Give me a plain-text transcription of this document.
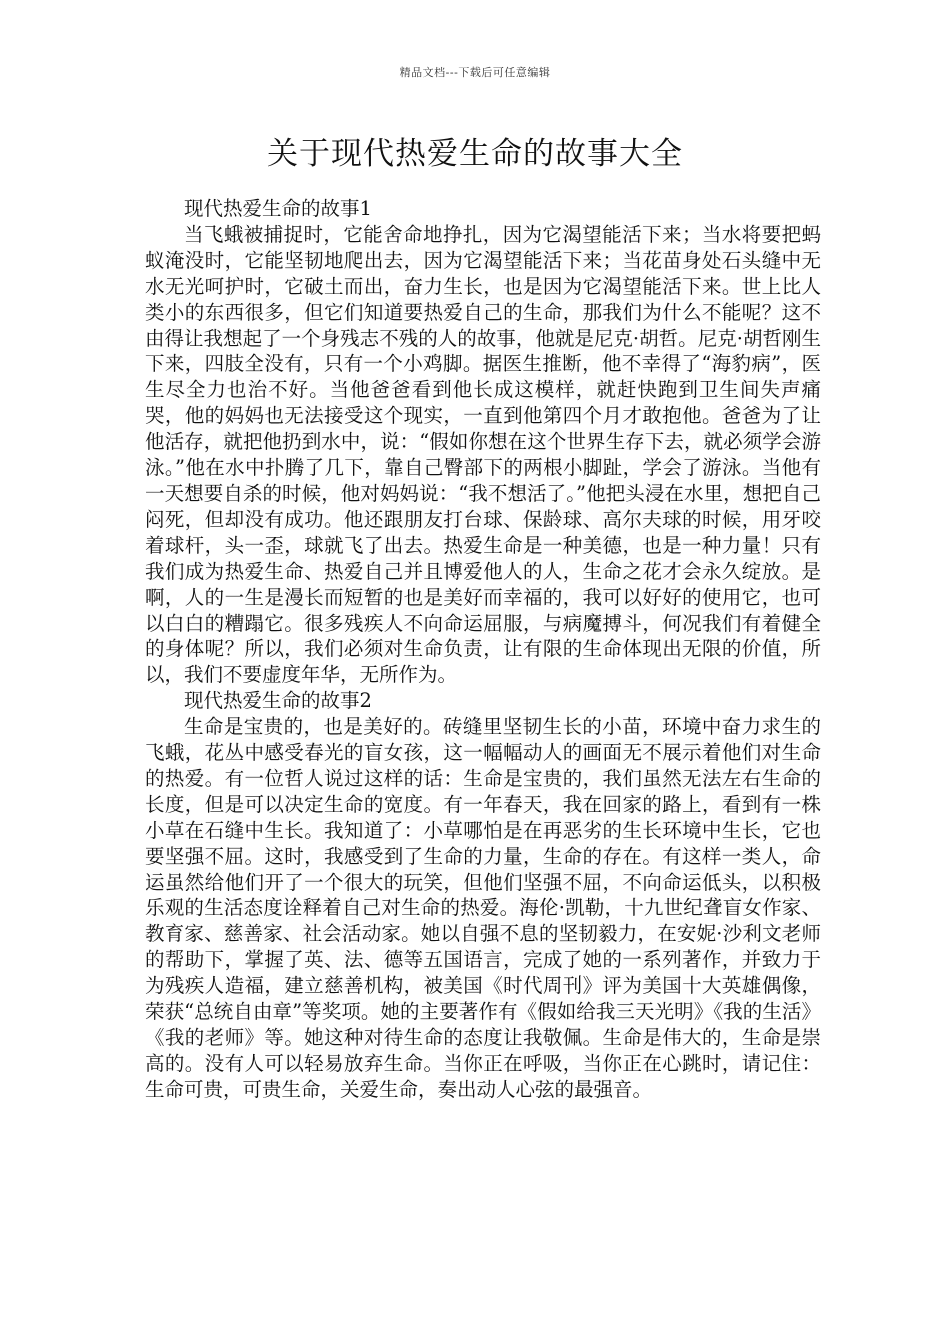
精品文档---下载后可任意编辑
关于现代热爱生命的故事大全

现代热爱生命的故事1

当飞蛾被捕捉时，它能舍命地挣扎，因为它渴望能活下来；当水将要把蚂蚁淹没时，它能坚韧地爬出去，因为它渴望能活下来；当花苗身处石头缝中无水无光呵护时，它破土而出，奋力生长，也是因为它渴望能活下来。世上比人类小的东西很多，但它们知道要热爱自己的生命，那我们为什么不能呢？这不由得让我想起了一个身残志不残的人的故事，他就是尼克·胡哲。尼克·胡哲刚生下来，四肢全没有，只有一个小鸡脚。据医生推断，他不幸得了“海豹病”，医生尽全力也治不好。当他爸爸看到他长成这模样，就赶快跑到卫生间失声痛哭，他的妈妈也无法接受这个现实，一直到他第四个月才敢抱他。爸爸为了让他活存，就把他扔到水中，说：“假如你想在这个世界生存下去，就必须学会游泳。”他在水中扑腾了几下，靠自己臀部下的两根小脚趾，学会了游泳。当他有一天想要自杀的时候，他对妈妈说：“我不想活了。”他把头浸在水里，想把自己闷死，但却没有成功。他还跟朋友打台球、保龄球、高尔夫球的时候，用牙咬着球杆，头一歪，球就飞了出去。热爱生命是一种美德，也是一种力量！只有我们成为热爱生命、热爱自己并且博爱他人的人，生命之花才会永久绽放。是啊，人的一生是漫长而短暂的也是美好而幸福的，我可以好好的使用它，也可以白白的糟蹋它。很多残疾人不向命运屈服，与病魔搏斗，何况我们有着健全的身体呢？所以，我们必须对生命负责，让有限的生命体现出无限的价值，所以，我们不要虚度年华，无所作为。

现代热爱生命的故事2

生命是宝贵的，也是美好的。砖缝里坚韧生长的小苗，环境中奋力求生的飞蛾，花丛中感受春光的盲女孩，这一幅幅动人的画面无不展示着他们对生命的热爱。有一位哲人说过这样的话：生命是宝贵的，我们虽然无法左右生命的长度，但是可以决定生命的宽度。有一年春天，我在回家的路上，看到有一株小草在石缝中生长。我知道了：小草哪怕是在再恶劣的生长环境中生长，它也要坚强不屈。这时，我感受到了生命的力量，生命的存在。有这样一类人，命运虽然给他们开了一个很大的玩笑，但他们坚强不屈，不向命运低头，以积极乐观的生活态度诠释着自己对生命的热爱。海伦·凯勒，十九世纪聋盲女作家、教育家、慈善家、社会活动家。她以自强不息的坚韧毅力，在安妮·沙利文老师的帮助下，掌握了英、法、德等五国语言，完成了她的一系列著作，并致力于为残疾人造福，建立慈善机构，被美国《时代周刊》评为美国十大英雄偶像，荣获“总统自由章”等奖项。她的主要著作有《假如给我三天光明》《我的生活》《我的老师》等。她这种对待生命的态度让我敬佩。生命是伟大的，生命是崇高的。没有人可以轻易放弃生命。当你正在呼吸，当你正在心跳时，请记住：生命可贵，可贵生命，关爱生命，奏出动人心弦的最强音。
